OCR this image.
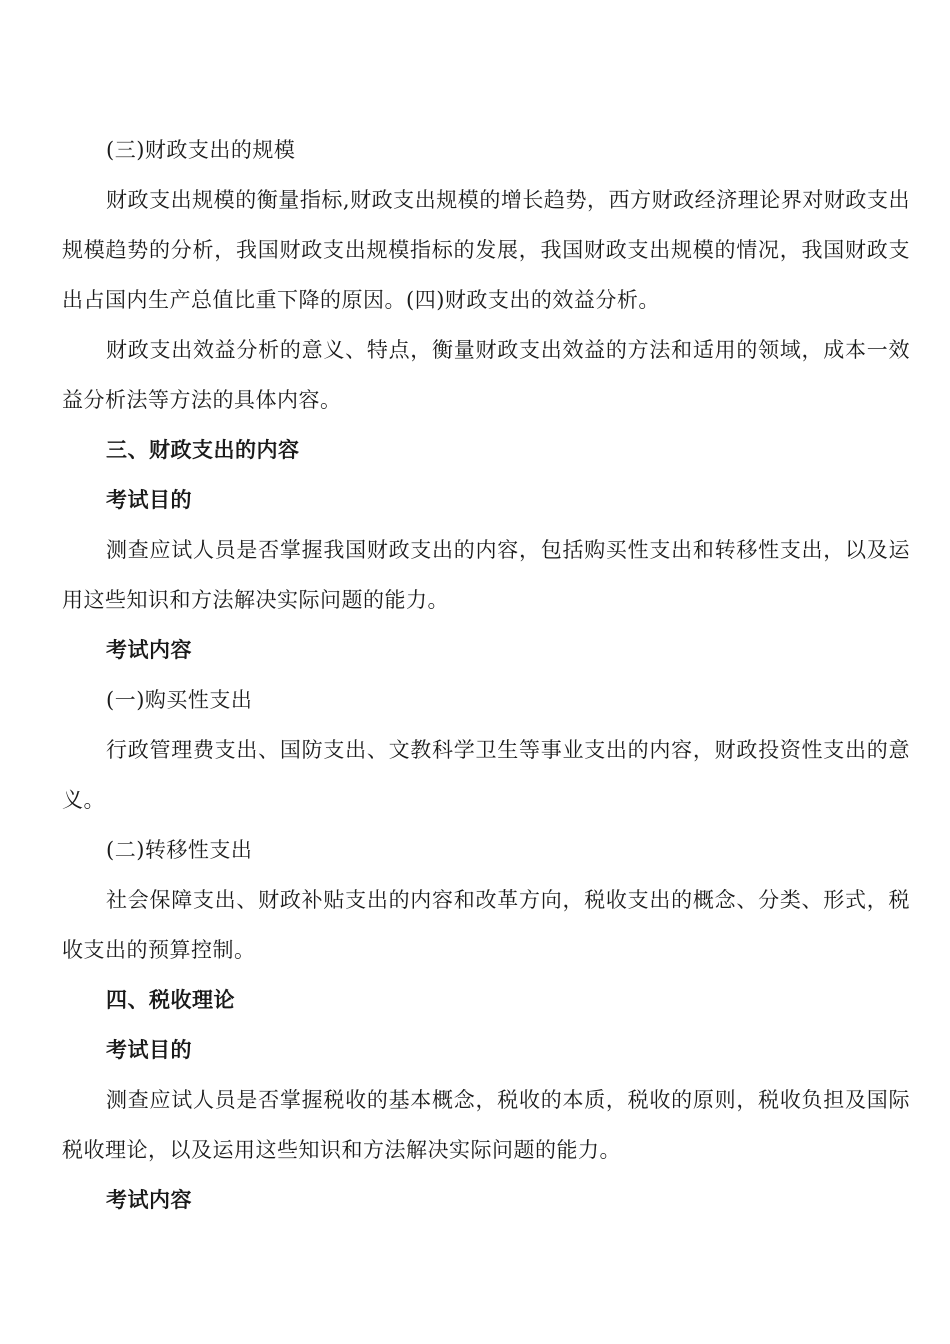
(三)财政支出的规模

财政支出规模的衡量指标,财政支出规模的增长趋势，西方财政经济理论界对财政支出规模趋势的分析，我国财政支出规模指标的发展，我国财政支出规模的情况，我国财政支出占国内生产总值比重下降的原因。(四)财政支出的效益分析。

财政支出效益分析的意义、特点，衡量财政支出效益的方法和适用的领域，成本一效益分析法等方法的具体内容。

三、财政支出的内容

考试目的

测查应试人员是否掌握我国财政支出的内容，包括购买性支出和转移性支出，以及运用这些知识和方法解决实际问题的能力。

考试内容

(一)购买性支出

行政管理费支出、国防支出、文教科学卫生等事业支出的内容，财政投资性支出的意义。

(二)转移性支出

社会保障支出、财政补贴支出的内容和改革方向，税收支出的概念、分类、形式，税收支出的预算控制。

四、税收理论

考试目的

测查应试人员是否掌握税收的基本概念，税收的本质，税收的原则，税收负担及国际税收理论，以及运用这些知识和方法解决实际问题的能力。

考试内容
